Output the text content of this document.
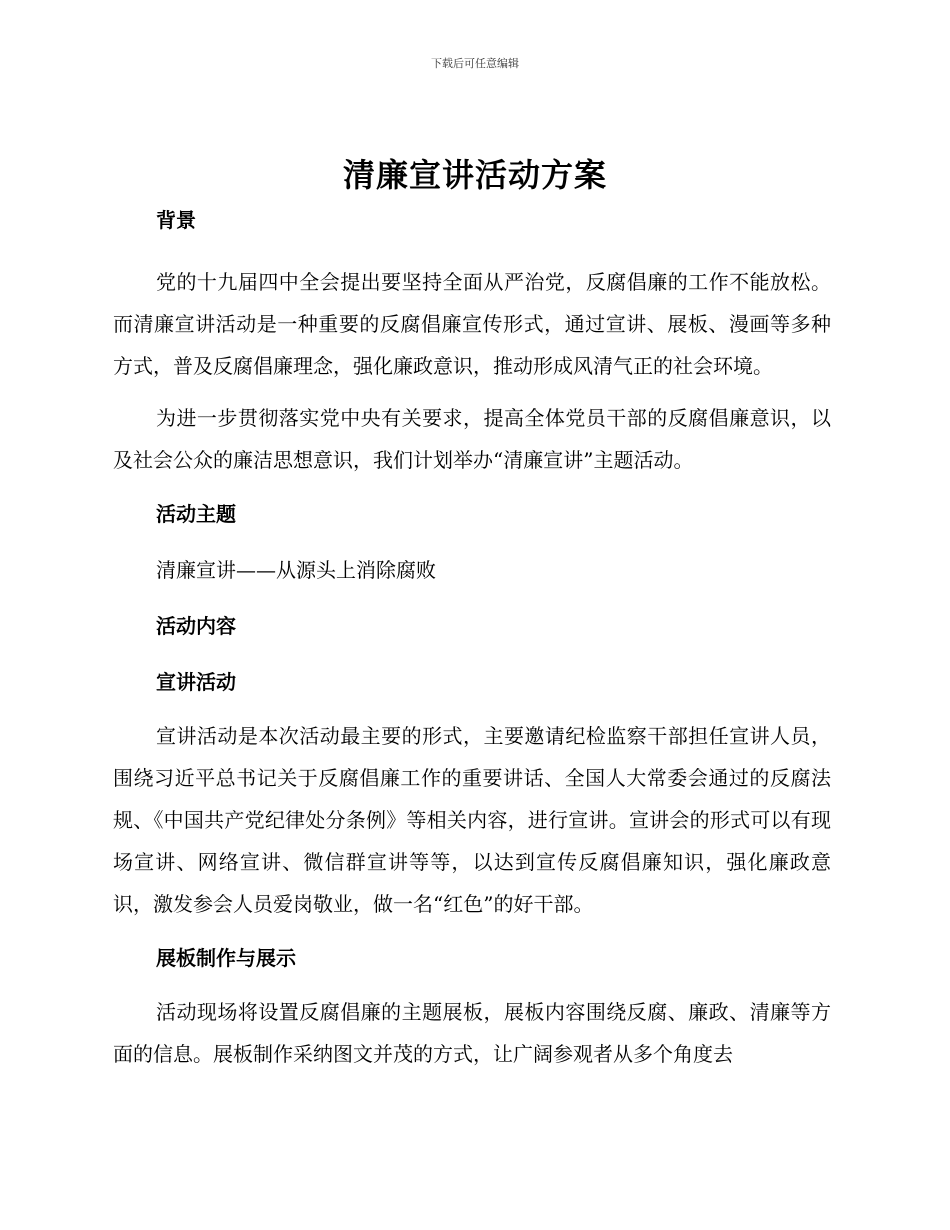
下载后可任意编辑
清廉宣讲活动方案

背景

党的十九届四中全会提出要坚持全面从严治党，反腐倡廉的工作不能放松。而清廉宣讲活动是一种重要的反腐倡廉宣传形式，通过宣讲、展板、漫画等多种方式，普及反腐倡廉理念，强化廉政意识，推动形成风清气正的社会环境。

为进一步贯彻落实党中央有关要求，提高全体党员干部的反腐倡廉意识，以及社会公众的廉洁思想意识，我们计划举办“清廉宣讲”主题活动。

活动主题

清廉宣讲——从源头上消除腐败

活动内容

宣讲活动

宣讲活动是本次活动最主要的形式，主要邀请纪检监察干部担任宣讲人员，围绕习近平总书记关于反腐倡廉工作的重要讲话、全国人大常委会通过的反腐法规、《中国共产党纪律处分条例》等相关内容，进行宣讲。宣讲会的形式可以有现场宣讲、网络宣讲、微信群宣讲等等，以达到宣传反腐倡廉知识，强化廉政意识，激发参会人员爱岗敬业，做一名“红色”的好干部。

展板制作与展示

活动现场将设置反腐倡廉的主题展板，展板内容围绕反腐、廉政、清廉等方面的信息。展板制作采纳图文并茂的方式，让广阔参观者从多个角度去
